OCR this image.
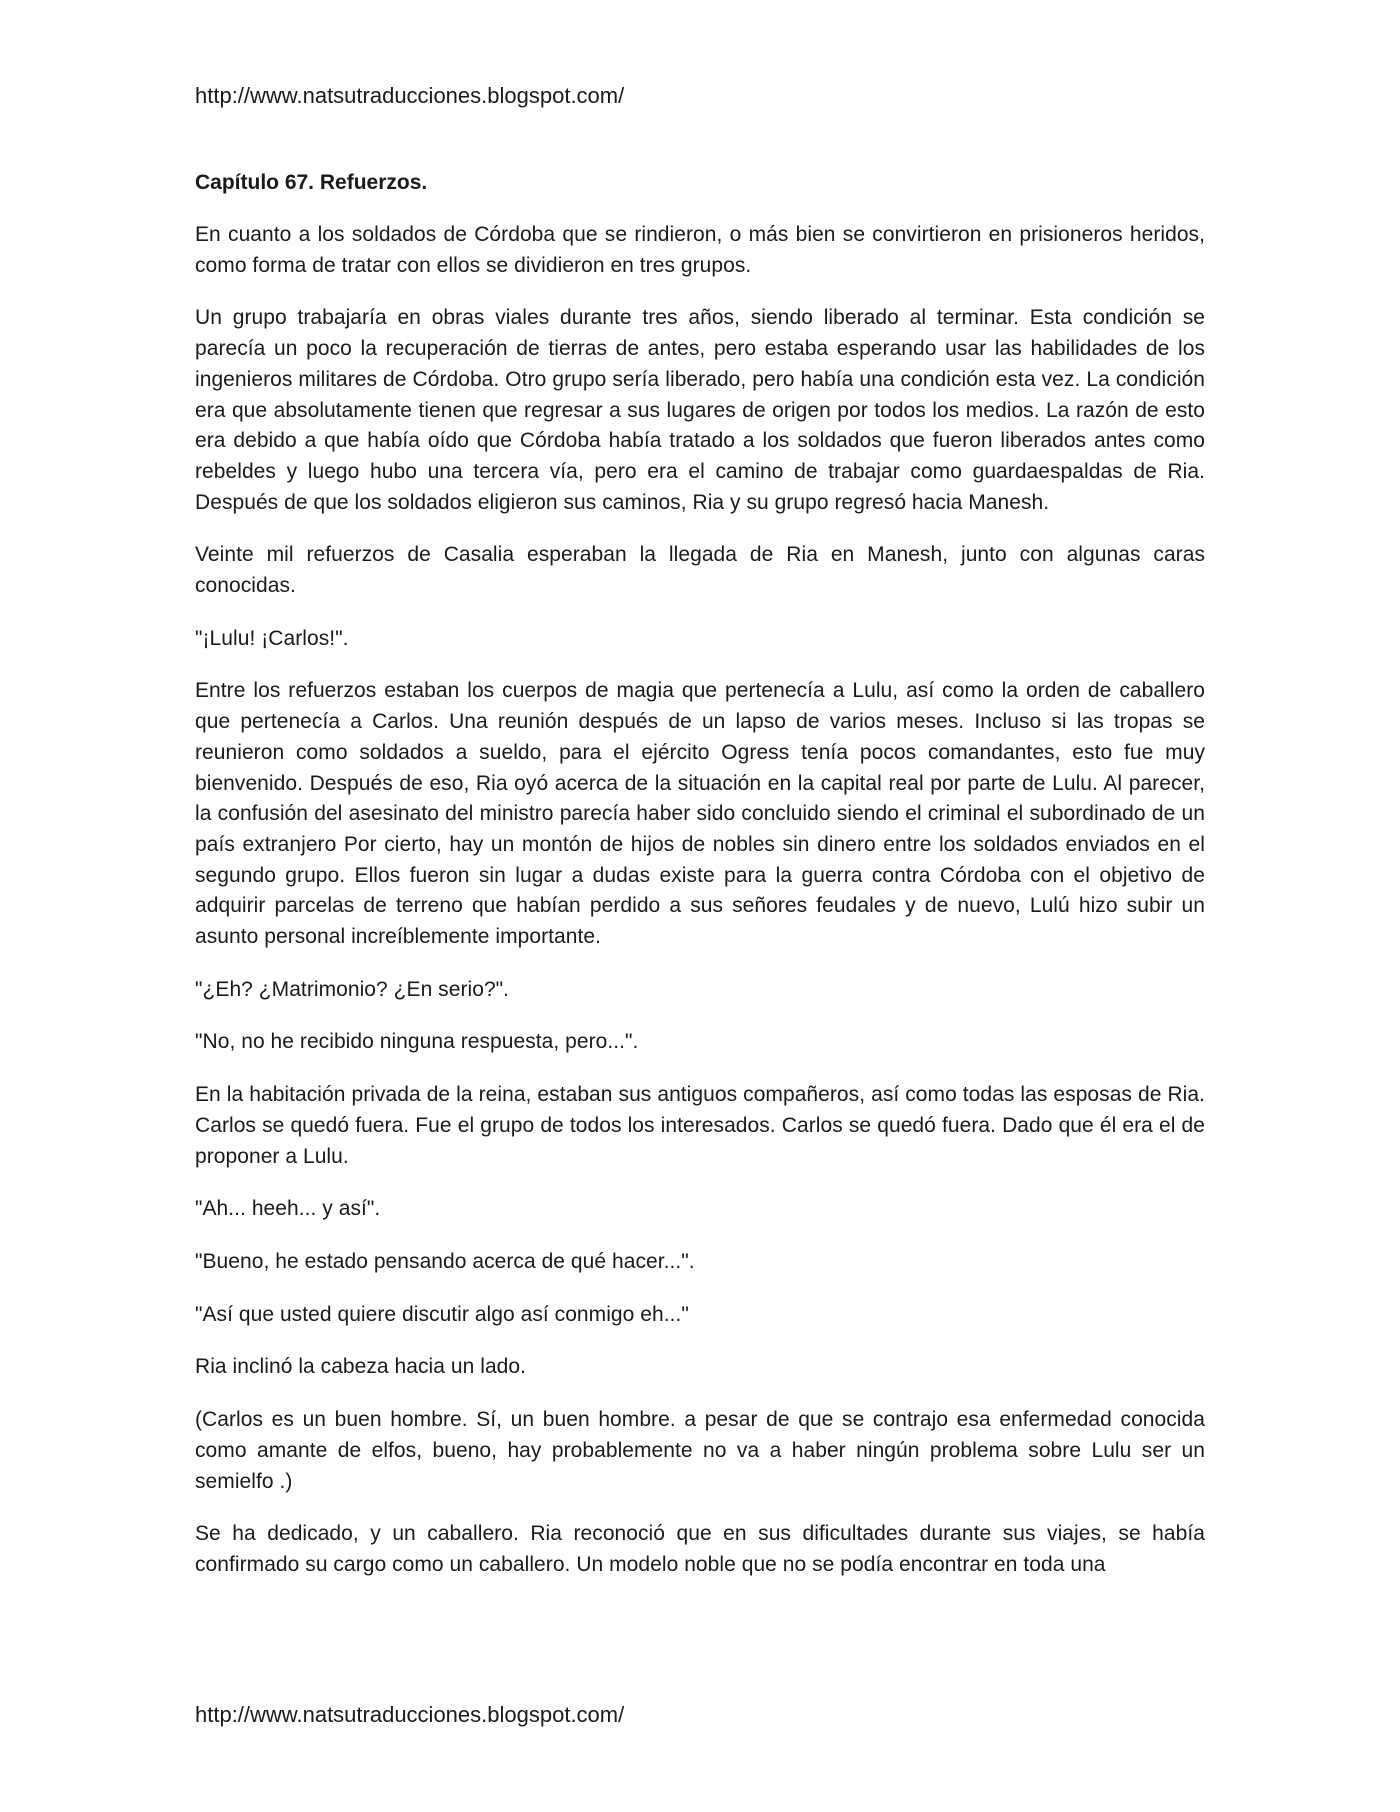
http://www.natsutraducciones.blogspot.com/

Capítulo 67. Refuerzos.

En cuanto a los soldados de Córdoba que se rindieron, o más bien se convirtieron en prisioneros heridos, como forma de tratar con ellos se dividieron en tres grupos.

Un grupo trabajaría en obras viales durante tres años, siendo liberado al terminar. Esta condición se parecía un poco la recuperación de tierras de antes, pero estaba esperando usar las habilidades de los ingenieros militares de Córdoba. Otro grupo sería liberado, pero había una condición esta vez. La condición era que absolutamente tienen que regresar a sus lugares de origen por todos los medios. La razón de esto era debido a que había oído que Córdoba había tratado a los soldados que fueron liberados antes como rebeldes y luego hubo una tercera vía, pero era el camino de trabajar como guardaespaldas de Ria. Después de que los soldados eligieron sus caminos, Ria y su grupo regresó hacia Manesh.

Veinte mil refuerzos de Casalia esperaban la llegada de Ria en Manesh, junto con algunas caras conocidas.

"¡Lulu! ¡Carlos!".

Entre los refuerzos estaban los cuerpos de magia que pertenecía a Lulu, así como la orden de caballero que pertenecía a Carlos. Una reunión después de un lapso de varios meses. Incluso si las tropas se reunieron como soldados a sueldo, para el ejército Ogress tenía pocos comandantes, esto fue muy bienvenido. Después de eso, Ria oyó acerca de la situación en la capital real por parte de Lulu. Al parecer, la confusión del asesinato del ministro parecía haber sido concluido siendo el criminal el subordinado de un país extranjero Por cierto, hay un montón de hijos de nobles sin dinero entre los soldados enviados en el segundo grupo. Ellos fueron sin lugar a dudas existe para la guerra contra Córdoba con el objetivo de adquirir parcelas de terreno que habían perdido a sus señores feudales y de nuevo, Lulú hizo subir un asunto personal increíblemente importante.

"¿Eh? ¿Matrimonio? ¿En serio?".

"No, no he recibido ninguna respuesta, pero...".

En la habitación privada de la reina, estaban sus antiguos compañeros, así como todas las esposas de Ria. Carlos se quedó fuera. Fue el grupo de todos los interesados. Carlos se quedó fuera. Dado que él era el de proponer a Lulu.

"Ah... heeh... y así".

"Bueno, he estado pensando acerca de qué hacer...".

"Así que usted quiere discutir algo así conmigo eh..."

Ria inclinó la cabeza hacia un lado.

(Carlos es un buen hombre. Sí, un buen hombre. a pesar de que se contrajo esa enfermedad conocida como amante de elfos, bueno, hay probablemente no va a haber ningún problema sobre Lulu ser un semielfo .)

Se ha dedicado, y un caballero. Ria reconoció que en sus dificultades durante sus viajes, se había confirmado su cargo como un caballero. Un modelo noble que no se podía encontrar en toda una

http://www.natsutraducciones.blogspot.com/
